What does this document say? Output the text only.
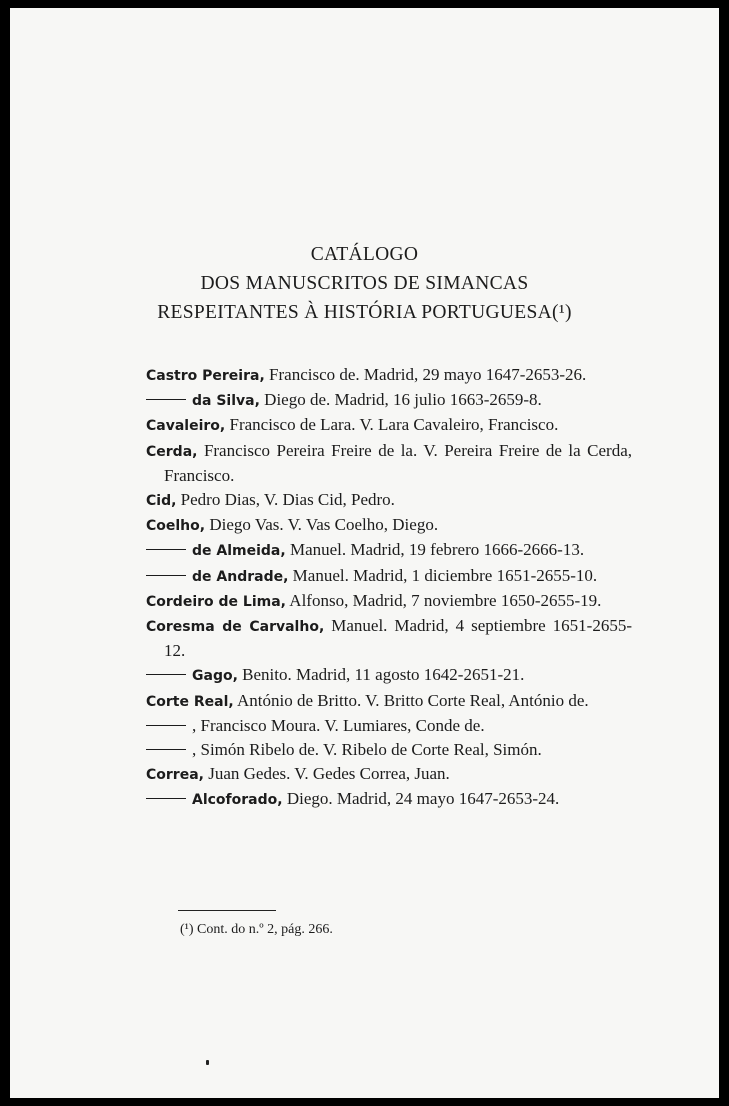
CATÁLOGO
DOS MANUSCRITOS DE SIMANCAS
RESPEITANTES À HISTÓRIA PORTUGUESA(¹)
Castro Pereira, Francisco de. Madrid, 29 mayo 1647-2653-26.
da Silva, Diego de. Madrid, 16 julio 1663-2659-8.
Cavaleiro, Francisco de Lara. V. Lara Cavaleiro, Francisco.
Cerda, Francisco Pereira Freire de la. V. Pereira Freire de la Cerda, Francisco.
Cid, Pedro Dias, V. Dias Cid, Pedro.
Coelho, Diego Vas. V. Vas Coelho, Diego.
de Almeida, Manuel. Madrid, 19 febrero 1666-2666-13.
de Andrade, Manuel. Madrid, 1 diciembre 1651-2655-10.
Cordeiro de Lima, Alfonso, Madrid, 7 noviembre 1650-2655-19.
Coresma de Carvalho, Manuel. Madrid, 4 septiembre 1651-2655-12.
Gago, Benito. Madrid, 11 agosto 1642-2651-21.
Corte Real, António de Britto. V. Britto Corte Real, António de.
, Francisco Moura. V. Lumiares, Conde de.
, Simón Ribelo de. V. Ribelo de Corte Real, Simón.
Correa, Juan Gedes. V. Gedes Correa, Juan.
Alcoforado, Diego. Madrid, 24 mayo 1647-2653-24.
(¹) Cont. do n.º 2, pág. 266.
